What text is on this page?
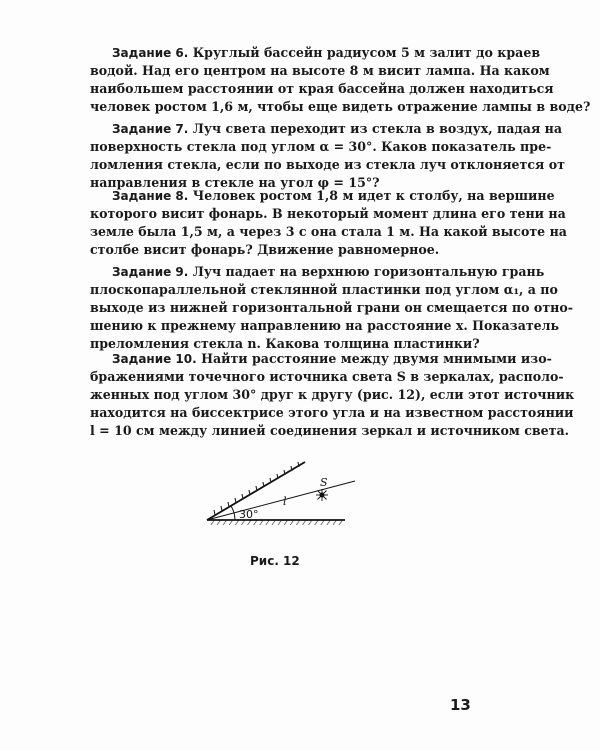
Задание 6. Круглый бассейн радиусом 5 м залит до краев
водой. Над его центром на высоте 8 м висит лампа. На каком
наибольшем расстоянии от края бассейна должен находиться
человек ростом 1,6 м, чтобы еще видеть отражение лампы в воде?
Задание 7. Луч света переходит из стекла в воздух, падая на
поверхность стекла под углом α = 30°. Каков показатель пре-
ломления стекла, если по выходе из стекла луч отклоняется от
направления в стекле на угол φ = 15°?
Задание 8. Человек ростом 1,8 м идет к столбу, на вершине
которого висит фонарь. В некоторый момент длина его тени на
земле была 1,5 м, а через 3 с она стала 1 м. На какой высоте на
столбе висит фонарь? Движение равномерное.
Задание 9. Луч падает на верхнюю горизонтальную грань
плоскопараллельной стеклянной пластинки под углом α₁, а по
выходе из нижней горизонтальной грани он смещается по отно-
шению к прежнему направлению на расстояние x. Показатель
преломления стекла n. Какова толщина пластинки?
Задание 10. Найти расстояние между двумя мнимыми изо-
бражениями точечного источника света S в зеркалах, располо-
женных под углом 30° друг к другу (рис. 12), если этот источник
находится на биссектрисе этого угла и на известном расстоянии
l = 10 см между линией соединения зеркал и источником света.
30°
l
S
Рис. 12
13
